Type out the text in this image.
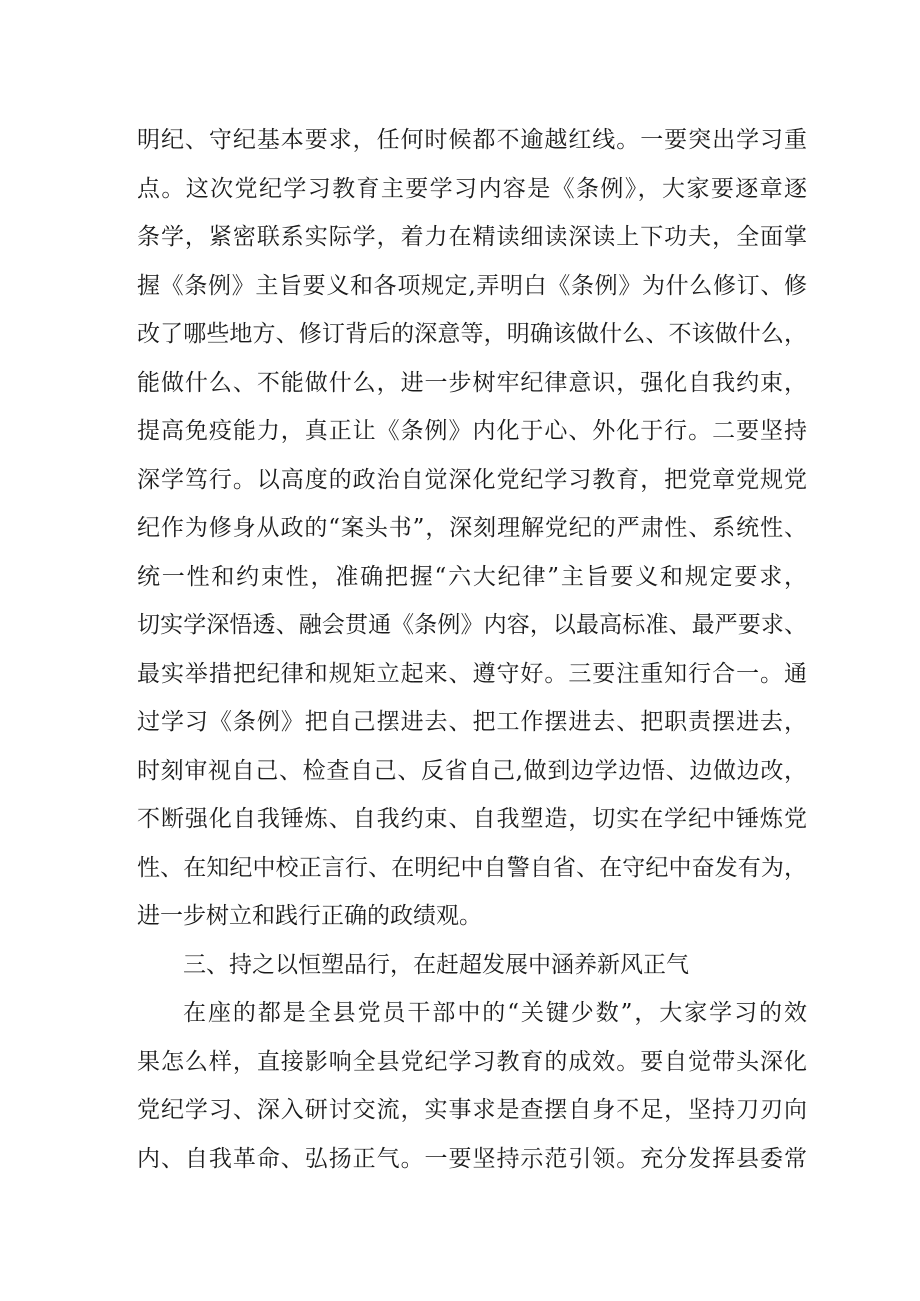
明纪、守纪基本要求，任何时候都不逾越红线。一要突出学习重
点。这次党纪学习教育主要学习内容是《条例》，大家要逐章逐
条学，紧密联系实际学，着力在精读细读深读上下功夫，全面掌
握《条例》主旨要义和各项规定,弄明白《条例》为什么修订、修
改了哪些地方、修订背后的深意等，明确该做什么、不该做什么，
能做什么、不能做什么，进一步树牢纪律意识，强化自我约束，
提高免疫能力，真正让《条例》内化于心、外化于行。二要坚持
深学笃行。以高度的政治自觉深化党纪学习教育，把党章党规党
纪作为修身从政的“案头书”，深刻理解党纪的严肃性、系统性、
统一性和约束性，准确把握“六大纪律”主旨要义和规定要求，
切实学深悟透、融会贯通《条例》内容，以最高标准、最严要求、
最实举措把纪律和规矩立起来、遵守好。三要注重知行合一。通
过学习《条例》把自己摆进去、把工作摆进去、把职责摆进去，
时刻审视自己、检查自己、反省自己,做到边学边悟、边做边改，
不断强化自我锤炼、自我约束、自我塑造，切实在学纪中锤炼党
性、在知纪中校正言行、在明纪中自警自省、在守纪中奋发有为，
进一步树立和践行正确的政绩观。
三、持之以恒塑品行，在赶超发展中涵养新风正气
在座的都是全县党员干部中的“关键少数”，大家学习的效
果怎么样，直接影响全县党纪学习教育的成效。要自觉带头深化
党纪学习、深入研讨交流，实事求是查摆自身不足，坚持刀刃向
内、自我革命、弘扬正气。一要坚持示范引领。充分发挥县委常
